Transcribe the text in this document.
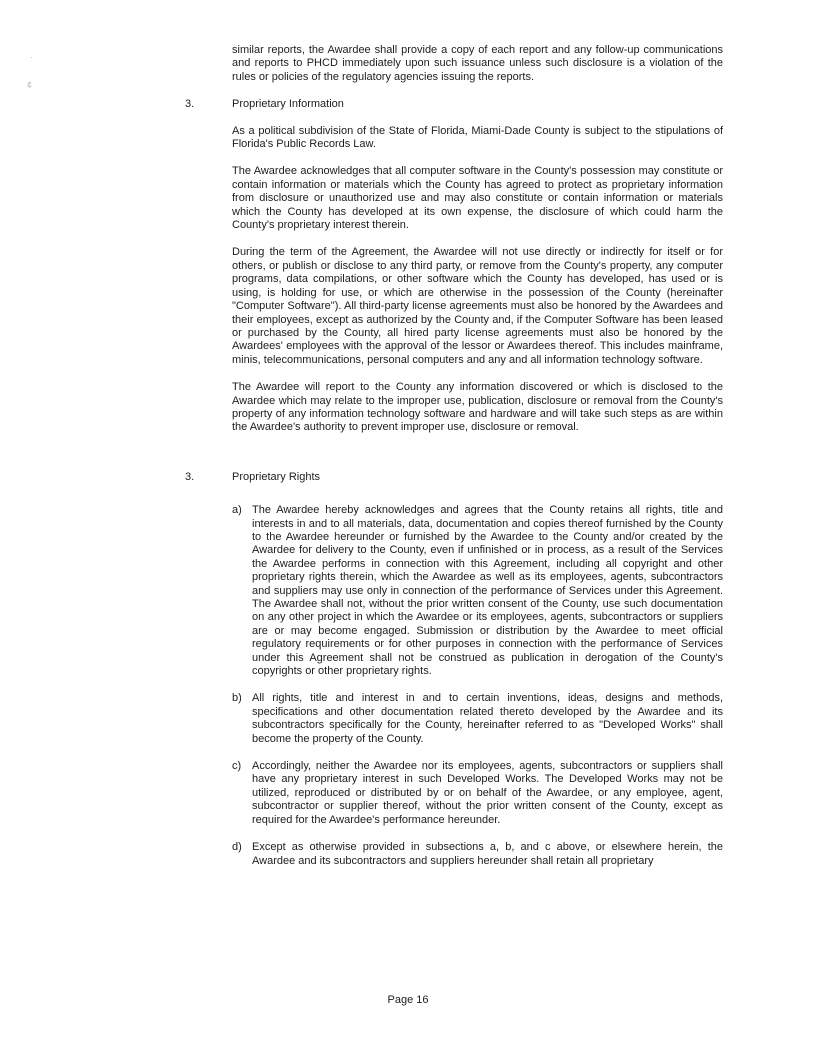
·
¢

similar reports, the Awardee shall provide a copy of each report and any follow-up communications and reports to PHCD immediately upon such issuance unless such disclosure is a violation of the rules or policies of the regulatory agencies issuing the reports.

3.	Proprietary Information

As a political subdivision of the State of Florida, Miami-Dade County is subject to the stipulations of Florida's Public Records Law.

The Awardee acknowledges that all computer software in the County's possession may constitute or contain information or materials which the County has agreed to protect as proprietary information from disclosure or unauthorized use and may also constitute or contain information or materials which the County has developed at its own expense, the disclosure of which could harm the County's proprietary interest therein.

During the term of the Agreement, the Awardee will not use directly or indirectly for itself or for others, or publish or disclose to any third party, or remove from the County's property, any computer programs, data compilations, or other software which the County has developed, has used or is using, is holding for use, or which are otherwise in the possession of the County (hereinafter "Computer Software"). All third-party license agreements must also be honored by the Awardees and their employees, except as authorized by the County and, if the Computer Software has been leased or purchased by the County, all hired party license agreements must also be honored by the Awardees' employees with the approval of the lessor or Awardees thereof. This includes mainframe, minis, telecommunications, personal computers and any and all information technology software.

The Awardee will report to the County any information discovered or which is disclosed to the Awardee which may relate to the improper use, publication, disclosure or removal from the County's property of any information technology software and hardware and will take such steps as are within the Awardee's authority to prevent improper use, disclosure or removal.

3.	Proprietary Rights
a) The Awardee hereby acknowledges and agrees that the County retains all rights, title and interests in and to all materials, data, documentation and copies thereof furnished by the County to the Awardee hereunder or furnished by the Awardee to the County and/or created by the Awardee for delivery to the County, even if unfinished or in process, as a result of the Services the Awardee performs in connection with this Agreement, including all copyright and other proprietary rights therein, which the Awardee as well as its employees, agents, subcontractors and suppliers may use only in connection of the performance of Services under this Agreement. The Awardee shall not, without the prior written consent of the County, use such documentation on any other project in which the Awardee or its employees, agents, subcontractors or suppliers are or may become engaged. Submission or distribution by the Awardee to meet official regulatory requirements or for other purposes in connection with the performance of Services under this Agreement shall not be construed as publication in derogation of the County's copyrights or other proprietary rights.
b) All rights, title and interest in and to certain inventions, ideas, designs and methods, specifications and other documentation related thereto developed by the Awardee and its subcontractors specifically for the County, hereinafter referred to as "Developed Works" shall become the property of the County.
c) Accordingly, neither the Awardee nor its employees, agents, subcontractors or suppliers shall have any proprietary interest in such Developed Works. The Developed Works may not be utilized, reproduced or distributed by or on behalf of the Awardee, or any employee, agent, subcontractor or supplier thereof, without the prior written consent of the County, except as required for the Awardee's performance hereunder.
d) Except as otherwise provided in subsections a, b, and c above, or elsewhere herein, the Awardee and its subcontractors and suppliers hereunder shall retain all proprietary
Page 16
